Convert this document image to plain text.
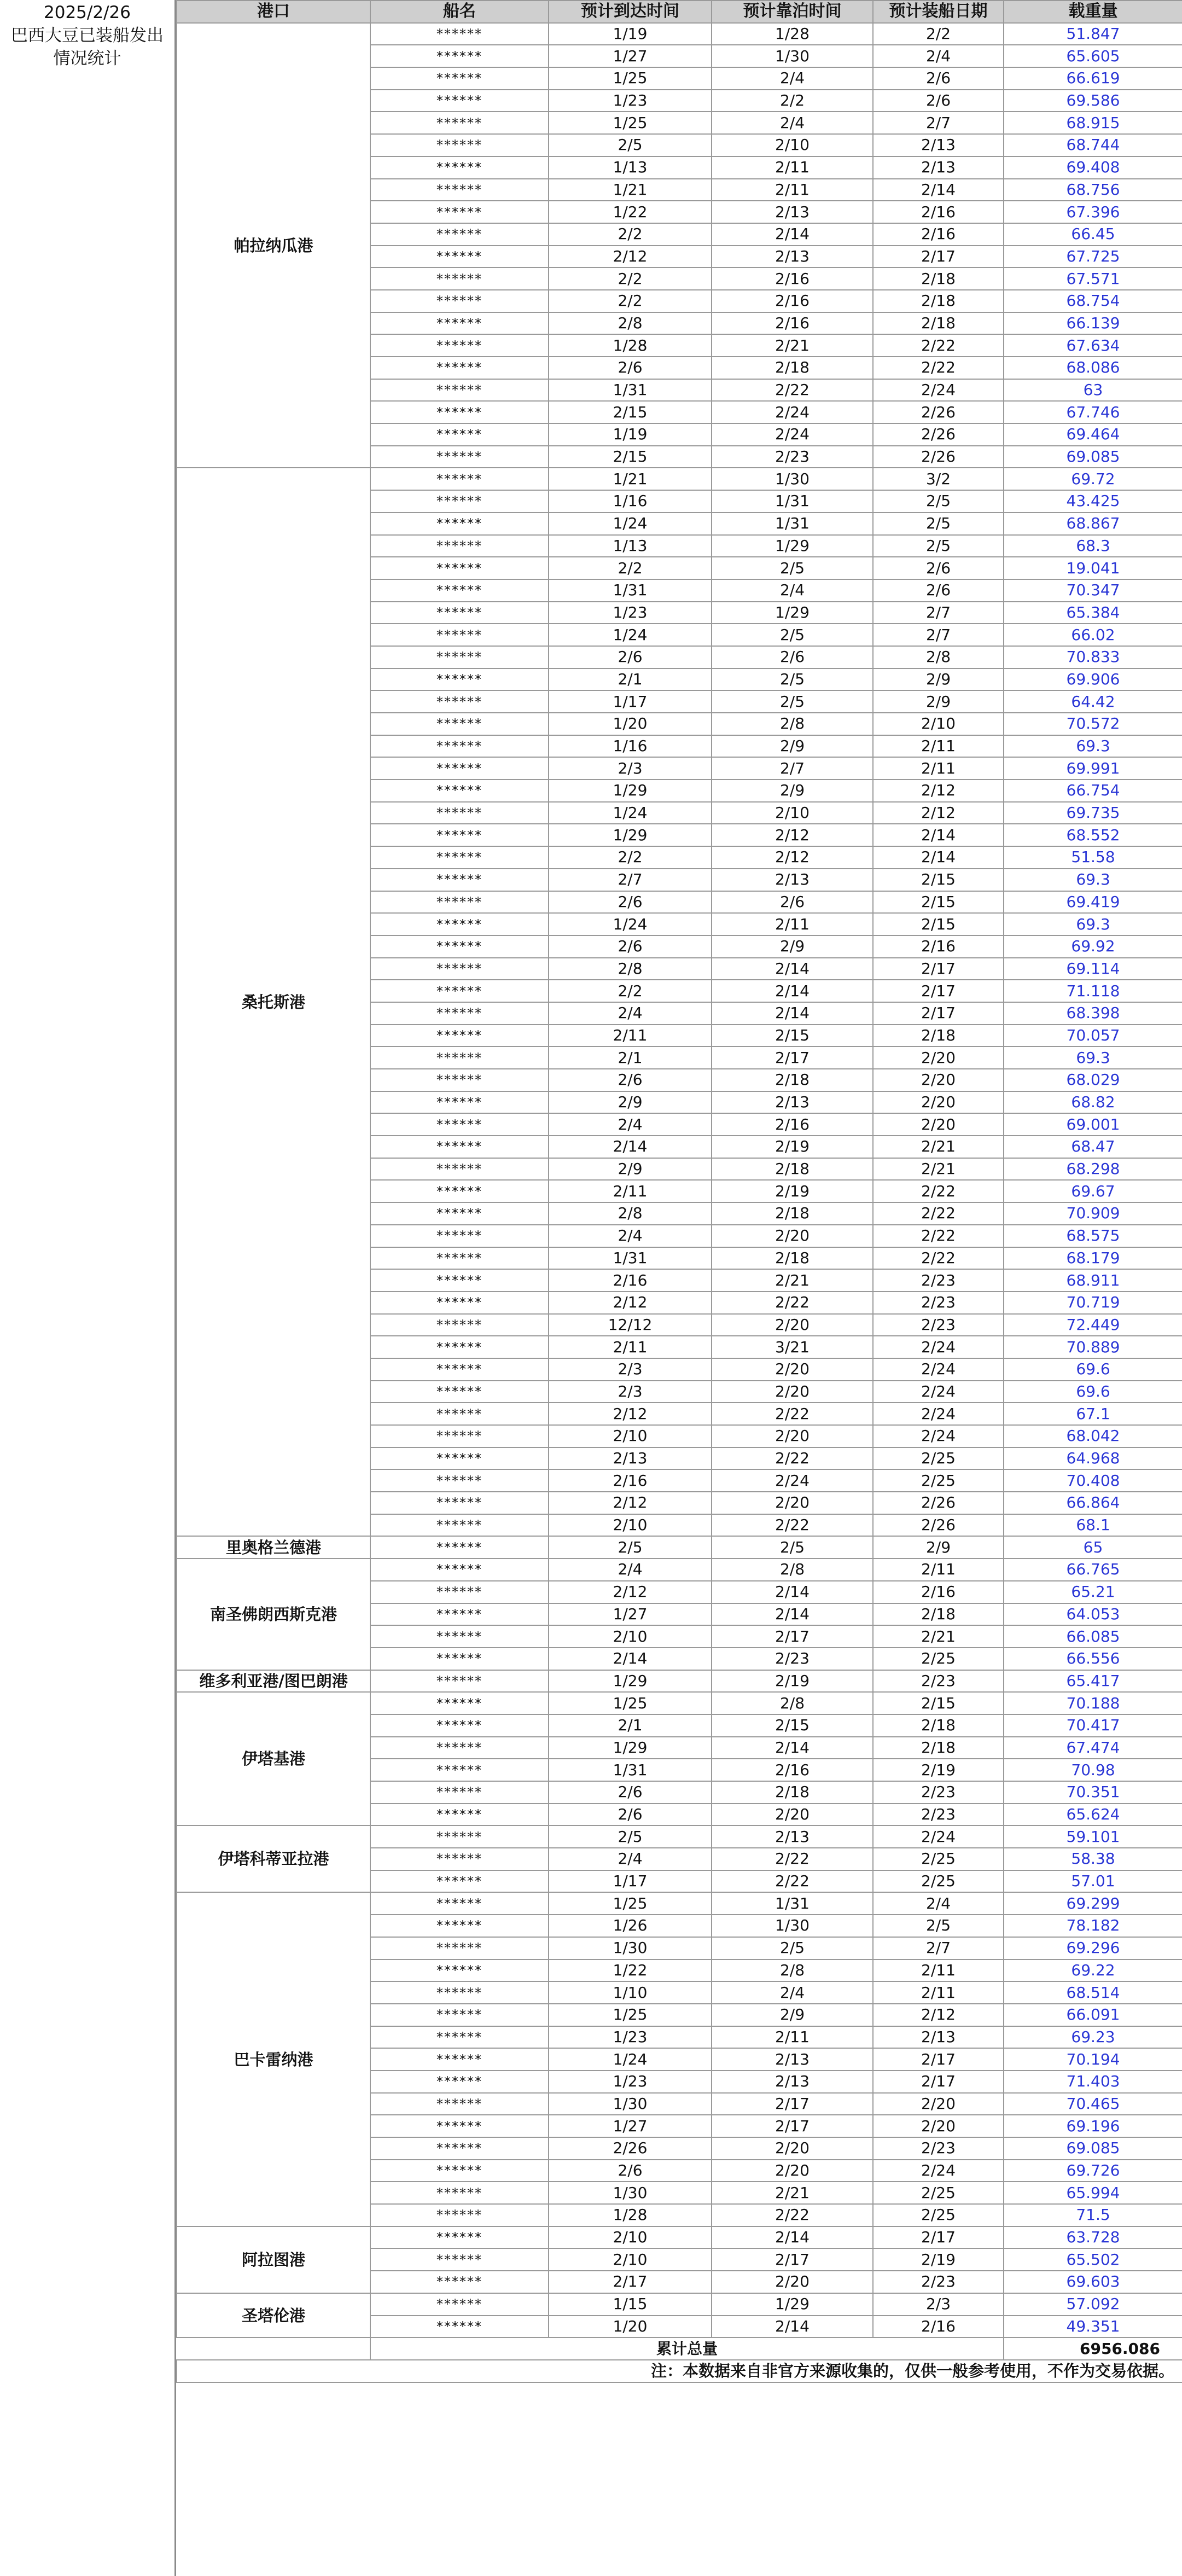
2025/2/26
巴西大豆已装船发出
情况统计
港口	船名	预计到达时间	预计靠泊时间	预计装船日期	载重量
帕拉纳瓜港	******	1/19	1/28	2/2	51.847
	******	1/27	1/30	2/4	65.605
	******	1/25	2/4	2/6	66.619
	******	1/23	2/2	2/6	69.586
	******	1/25	2/4	2/7	68.915
	******	2/5	2/10	2/13	68.744
	******	1/13	2/11	2/13	69.408
	******	1/21	2/11	2/14	68.756
	******	1/22	2/13	2/16	67.396
	******	2/2	2/14	2/16	66.45
	******	2/12	2/13	2/17	67.725
	******	2/2	2/16	2/18	67.571
	******	2/2	2/16	2/18	68.754
	******	2/8	2/16	2/18	66.139
	******	1/28	2/21	2/22	67.634
	******	2/6	2/18	2/22	68.086
	******	1/31	2/22	2/24	63
	******	2/15	2/24	2/26	67.746
	******	1/19	2/24	2/26	69.464
	******	2/15	2/23	2/26	69.085
桑托斯港	******	1/21	1/30	3/2	69.72
	******	1/16	1/31	2/5	43.425
	******	1/24	1/31	2/5	68.867
	******	1/13	1/29	2/5	68.3
	******	2/2	2/5	2/6	19.041
	******	1/31	2/4	2/6	70.347
	******	1/23	1/29	2/7	65.384
	******	1/24	2/5	2/7	66.02
	******	2/6	2/6	2/8	70.833
	******	2/1	2/5	2/9	69.906
	******	1/17	2/5	2/9	64.42
	******	1/20	2/8	2/10	70.572
	******	1/16	2/9	2/11	69.3
	******	2/3	2/7	2/11	69.991
	******	1/29	2/9	2/12	66.754
	******	1/24	2/10	2/12	69.735
	******	1/29	2/12	2/14	68.552
	******	2/2	2/12	2/14	51.58
	******	2/7	2/13	2/15	69.3
	******	2/6	2/6	2/15	69.419
	******	1/24	2/11	2/15	69.3
	******	2/6	2/9	2/16	69.92
	******	2/8	2/14	2/17	69.114
	******	2/2	2/14	2/17	71.118
	******	2/4	2/14	2/17	68.398
	******	2/11	2/15	2/18	70.057
	******	2/1	2/17	2/20	69.3
	******	2/6	2/18	2/20	68.029
	******	2/9	2/13	2/20	68.82
	******	2/4	2/16	2/20	69.001
	******	2/14	2/19	2/21	68.47
	******	2/9	2/18	2/21	68.298
	******	2/11	2/19	2/22	69.67
	******	2/8	2/18	2/22	70.909
	******	2/4	2/20	2/22	68.575
	******	1/31	2/18	2/22	68.179
	******	2/16	2/21	2/23	68.911
	******	2/12	2/22	2/23	70.719
	******	12/12	2/20	2/23	72.449
	******	2/11	3/21	2/24	70.889
	******	2/3	2/20	2/24	69.6
	******	2/3	2/20	2/24	69.6
	******	2/12	2/22	2/24	67.1
	******	2/10	2/20	2/24	68.042
	******	2/13	2/22	2/25	64.968
	******	2/16	2/24	2/25	70.408
	******	2/12	2/20	2/26	66.864
	******	2/10	2/22	2/26	68.1
里奥格兰德港	******	2/5	2/5	2/9	65
南圣佛朗西斯克港	******	2/4	2/8	2/11	66.765
	******	2/12	2/14	2/16	65.21
	******	1/27	2/14	2/18	64.053
	******	2/10	2/17	2/21	66.085
	******	2/14	2/23	2/25	66.556
维多利亚港/图巴朗港	******	1/29	2/19	2/23	65.417
伊塔基港	******	1/25	2/8	2/15	70.188
	******	2/1	2/15	2/18	70.417
	******	1/29	2/14	2/18	67.474
	******	1/31	2/16	2/19	70.98
	******	2/6	2/18	2/23	70.351
	******	2/6	2/20	2/23	65.624
伊塔科蒂亚拉港	******	2/5	2/13	2/24	59.101
	******	2/4	2/22	2/25	58.38
	******	1/17	2/22	2/25	57.01
巴卡雷纳港	******	1/25	1/31	2/4	69.299
	******	1/26	1/30	2/5	78.182
	******	1/30	2/5	2/7	69.296
	******	1/22	2/8	2/11	69.22
	******	1/10	2/4	2/11	68.514
	******	1/25	2/9	2/12	66.091
	******	1/23	2/11	2/13	69.23
	******	1/24	2/13	2/17	70.194
	******	1/23	2/13	2/17	71.403
	******	1/30	2/17	2/20	70.465
	******	1/27	2/17	2/20	69.196
	******	2/26	2/20	2/23	69.085
	******	2/6	2/20	2/24	69.726
	******	1/30	2/21	2/25	65.994
	******	1/28	2/22	2/25	71.5
阿拉图港	******	2/10	2/14	2/17	63.728
	******	2/10	2/17	2/19	65.502
	******	2/17	2/20	2/23	69.603
圣塔伦港	******	1/15	1/29	2/3	57.092
	******	1/20	2/14	2/16	49.351
	累计总量				6956.086
注：本数据来自非官方来源收集的，仅供一般参考使用，不作为交易依据。					
